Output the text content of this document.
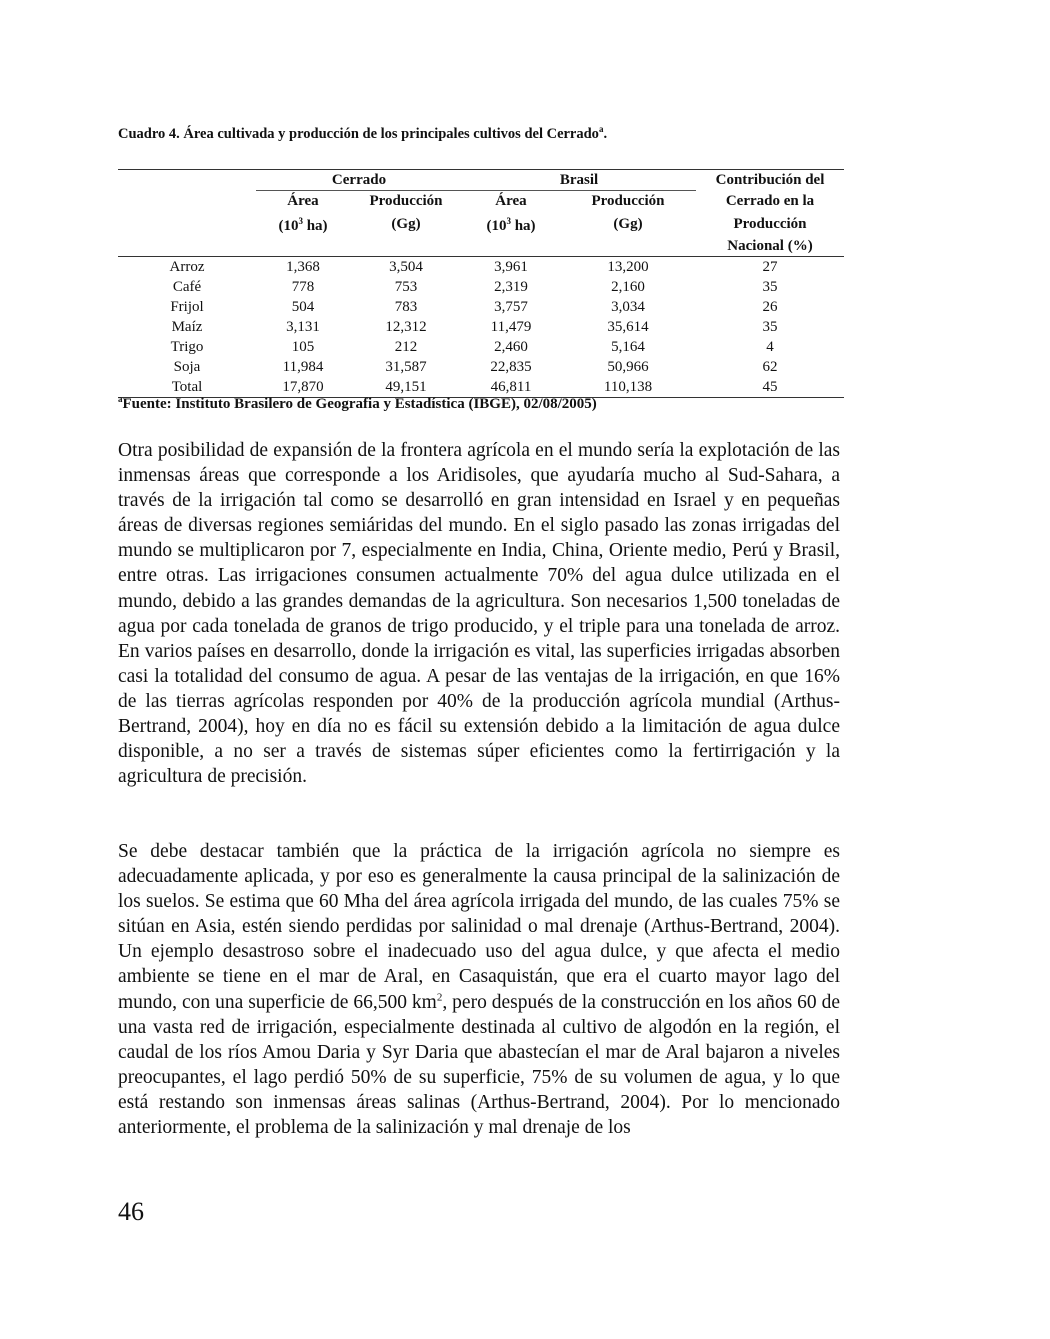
Cuadro 4. Área cultivada y producción de los principales cultivos del Cerrado$^a$.
	Cerrado		Brasil		Contribución del
	Área	Producción	Área	Producción	Cerrado en la
	($10^3$ ha)	(Gg)	($10^3$ ha)	(Gg)	Producción
					Nacional (%)
Arroz	1,368	3,504	3,961	13,200	27
Café	778	753	2,319	2,160	35
Frijol	504	783	3,757	3,034	26
Maíz	3,131	12,312	11,479	35,614	35
Trigo	105	212	2,460	5,164	4
Soja	11,984	31,587	22,835	50,966	62
Total	17,870	49,151	46,811	110,138	45
$^a$Fuente: Instituto Brasilero de Geografia y Estadística (IBGE), 02/08/2005)

Otra posibilidad de expansión de la frontera agrícola en el mundo sería la explotación de las inmensas áreas que corresponde a los Aridisoles, que ayudaría mucho al Sud-Sahara, a través de la irrigación tal como se desarrolló en gran intensidad en Israel y en pequeñas áreas de diversas regiones semiáridas del mundo. En el siglo pasado las zonas irrigadas del mundo se multiplicaron por 7, especialmente en India, China, Oriente medio, Perú y Brasil, entre otras. Las irrigaciones consumen actualmente 70% del agua dulce utilizada en el mundo, debido a las grandes demandas de la agricultura. Son necesarios 1,500 toneladas de agua por cada tonelada de granos de trigo producido, y el triple para una tonelada de arroz. En varios países en desarrollo, donde la irrigación es vital, las superficies irrigadas absorben casi la totalidad del consumo de agua. A pesar de las ventajas de la irrigación, en que 16% de las tierras agrícolas responden por 40% de la producción agrícola mundial (Arthus-Bertrand, 2004), hoy en día no es fácil su extensión debido a la limitación de agua dulce disponible, a no ser a través de sistemas súper eficientes como la fertirrigación y la agricultura de precisión.

Se debe destacar también que la práctica de la irrigación agrícola no siempre es adecuadamente aplicada, y por eso es generalmente la causa principal de la salinización de los suelos. Se estima que 60 Mha del área agrícola irrigada del mundo, de las cuales 75% se sitúan en Asia, estén siendo perdidas por salinidad o mal drenaje (Arthus-Bertrand, 2004). Un ejemplo desastroso sobre el inadecuado uso del agua dulce, y que afecta el medio ambiente se tiene en el mar de Aral, en Casaquistán, que era el cuarto mayor lago del mundo, con una superficie de 66,500 $km^2$, pero después de la construcción en los años 60 de una vasta red de irrigación, especialmente destinada al cultivo de algodón en la región, el caudal de los ríos Amou Daria y Syr Daria que abastecían el mar de Aral bajaron a niveles preocupantes, el lago perdió 50% de su superficie, 75% de su volumen de agua, y lo que está restando son inmensas áreas salinas (Arthus-Bertrand, 2004). Por lo mencionado anteriormente, el problema de la salinización y mal drenaje de los

46
